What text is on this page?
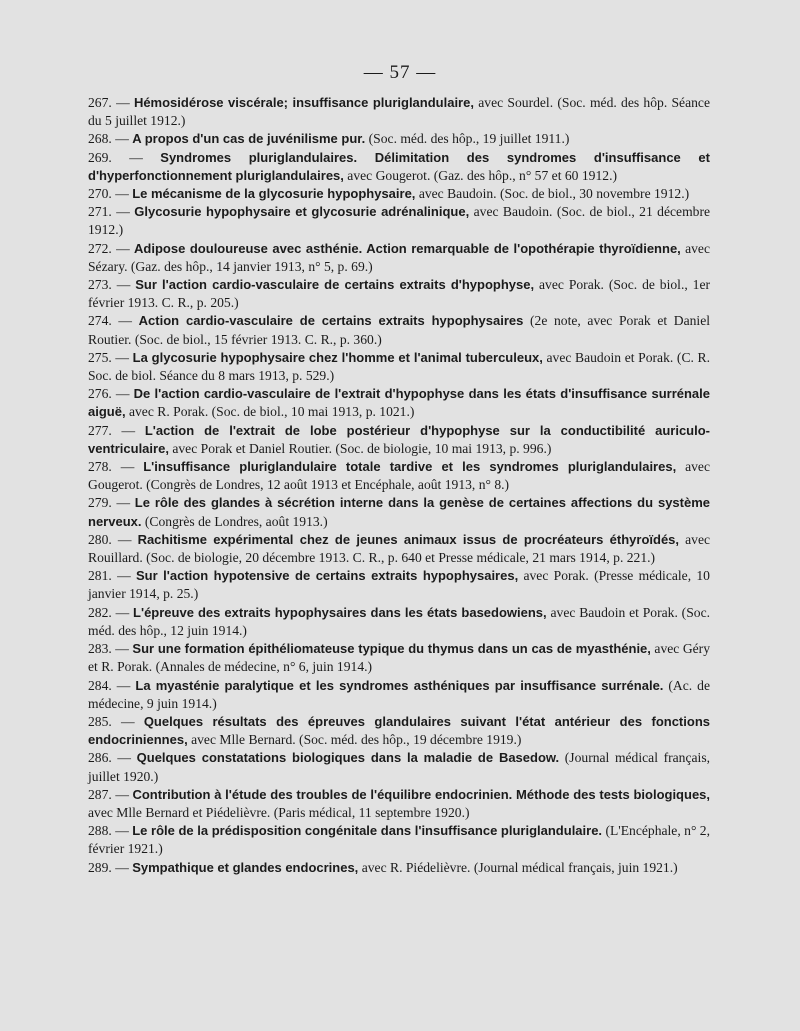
— 57 —

267. — Hémosidérose viscérale; insuffisance pluriglandulaire, avec Sourdel. (Soc. méd. des hôp. Séance du 5 juillet 1912.)

268. — A propos d'un cas de juvénilisme pur. (Soc. méd. des hôp., 19 juillet 1911.)

269. — Syndromes pluriglandulaires. Délimitation des syndromes d'insuffisance et d'hyperfonctionnement pluriglandulaires, avec Gougerot. (Gaz. des hôp., n° 57 et 60 1912.)

270. — Le mécanisme de la glycosurie hypophysaire, avec Baudoin. (Soc. de biol., 30 novembre 1912.)

271. — Glycosurie hypophysaire et glycosurie adrénalinique, avec Baudoin. (Soc. de biol., 21 décembre 1912.)

272. — Adipose douloureuse avec asthénie. Action remarquable de l'opothérapie thyroïdienne, avec Sézary. (Gaz. des hôp., 14 janvier 1913, n° 5, p. 69.)

273. — Sur l'action cardio-vasculaire de certains extraits d'hypophyse, avec Porak. (Soc. de biol., 1er février 1913. C. R., p. 205.)

274. — Action cardio-vasculaire de certains extraits hypophysaires (2e note, avec Porak et Daniel Routier. (Soc. de biol., 15 février 1913. C. R., p. 360.)

275. — La glycosurie hypophysaire chez l'homme et l'animal tuberculeux, avec Baudoin et Porak. (C. R. Soc. de biol. Séance du 8 mars 1913, p. 529.)

276. — De l'action cardio-vasculaire de l'extrait d'hypophyse dans les états d'insuffisance surrénale aiguë, avec R. Porak. (Soc. de biol., 10 mai 1913, p. 1021.)

277. — L'action de l'extrait de lobe postérieur d'hypophyse sur la conductibilité auriculo-ventriculaire, avec Porak et Daniel Routier. (Soc. de biologie, 10 mai 1913, p. 996.)

278. — L'insuffisance pluriglandulaire totale tardive et les syndromes pluriglandulaires, avec Gougerot. (Congrès de Londres, 12 août 1913 et Encéphale, août 1913, n° 8.)

279. — Le rôle des glandes à sécrétion interne dans la genèse de certaines affections du système nerveux. (Congrès de Londres, août 1913.)

280. — Rachitisme expérimental chez de jeunes animaux issus de procréateurs éthyroïdés, avec Rouillard. (Soc. de biologie, 20 décembre 1913. C. R., p. 640 et Presse médicale, 21 mars 1914, p. 221.)

281. — Sur l'action hypotensive de certains extraits hypophysaires, avec Porak. (Presse médicale, 10 janvier 1914, p. 25.)

282. — L'épreuve des extraits hypophysaires dans les états basedowiens, avec Baudoin et Porak. (Soc. méd. des hôp., 12 juin 1914.)

283. — Sur une formation épithéliomateuse typique du thymus dans un cas de myasthénie, avec Géry et R. Porak. (Annales de médecine, n° 6, juin 1914.)

284. — La myasténie paralytique et les syndromes asthéniques par insuffisance surrénale. (Ac. de médecine, 9 juin 1914.)

285. — Quelques résultats des épreuves glandulaires suivant l'état antérieur des fonctions endocriniennes, avec Mlle Bernard. (Soc. méd. des hôp., 19 décembre 1919.)

286. — Quelques constatations biologiques dans la maladie de Basedow. (Journal médical français, juillet 1920.)

287. — Contribution à l'étude des troubles de l'équilibre endocrinien. Méthode des tests biologiques, avec Mlle Bernard et Piédelièvre. (Paris médical, 11 septembre 1920.)

288. — Le rôle de la prédisposition congénitale dans l'insuffisance pluriglandulaire. (L'Encéphale, n° 2, février 1921.)

289. — Sympathique et glandes endocrines, avec R. Piédelièvre. (Journal médical français, juin 1921.)
